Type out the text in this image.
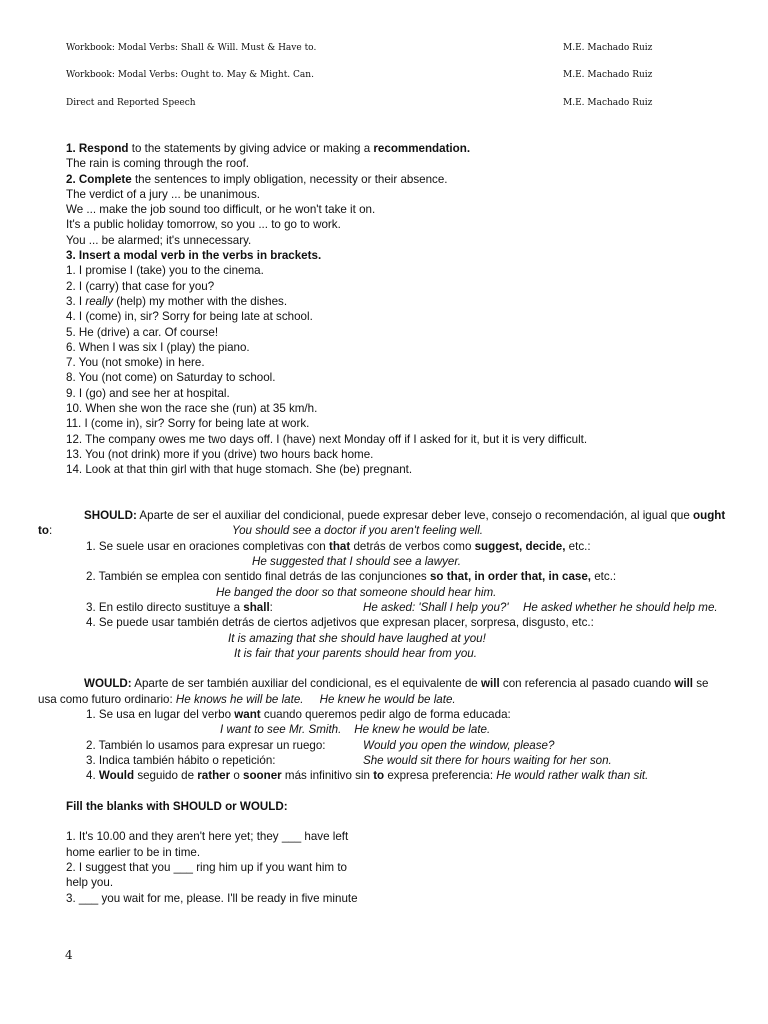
Workbook: Modal Verbs: Shall & Will. Must & Have to.	M.E. Machado Ruiz
Workbook: Modal Verbs: Ought to. May & Might. Can.	M.E. Machado Ruiz
Direct and Reported Speech	M.E. Machado Ruiz
1. Respond to the statements by giving advice or making a recommendation.
The rain is coming through the roof.
2. Complete the sentences to imply obligation, necessity or their absence.
The verdict of a jury ... be unanimous.
We ... make the job sound too difficult, or he won't take it on.
It's a public holiday tomorrow, so you ... to go to work.
You ... be alarmed; it's unnecessary.
3. Insert a modal verb in the verbs in brackets.
1. I promise I (take) you to the cinema.
2. I (carry) that case for you?
3. I really (help) my mother with the dishes.
4. I (come) in, sir? Sorry for being late at school.
5. He (drive) a car. Of course!
6. When I was six I (play) the piano.
7. You (not smoke) in here.
8. You (not come) on Saturday to school.
9. I (go) and see her at hospital.
10. When she won the race she (run) at 35 km/h.
11. I (come in), sir? Sorry for being late at work.
12. The company owes me two days off. I (have) next Monday off if I asked for it, but it is very difficult.
13. You (not drink) more if you (drive) two hours back home.
14. Look at that thin girl with that huge stomach. She (be) pregnant.
SHOULD: Aparte de ser el auxiliar del condicional, puede expresar deber leve, consejo o recomendación, al igual que ought
to:	You should see a doctor if you aren't feeling well.
1. Se suele usar en oraciones completivas con that detrás de verbos como suggest, decide, etc.:
He suggested that I should see a lawyer.
2. También se emplea con sentido final detrás de las conjunciones so that, in order that, in case, etc.:
He banged the door so that someone should hear him.
3. En estilo directo sustituye a shall:	He asked: 'Shall I help you?' He asked whether he should help me.
4. Se puede usar también detrás de ciertos adjetivos que expresan placer, sorpresa, disgusto, etc.:
It is amazing that she should have laughed at you!
It is fair that your parents should hear from you.
WOULD: Aparte de ser también auxiliar del condicional, es el equivalente de will con referencia al pasado cuando will se
usa como futuro ordinario: He knows he will be late. He knew he would be late.
1. Se usa en lugar del verbo want cuando queremos pedir algo de forma educada:
I want to see Mr. Smith. He knew he would be late.
2. También lo usamos para expresar un ruego:	Would you open the window, please?
3. Indica también hábito o repetición:	She would sit there for hours waiting for her son.
4. Would seguido de rather o sooner más infinitivo sin to expresa preferencia: He would rather walk than sit.
Fill the blanks with SHOULD or WOULD:
1. It's 10.00 and they aren't here yet; they ___ have left home earlier to be in time.
2. I suggest that you ___ ring him up if you want him to help you.
3. ___ you wait for me, please. I'll be ready in five minute
4
